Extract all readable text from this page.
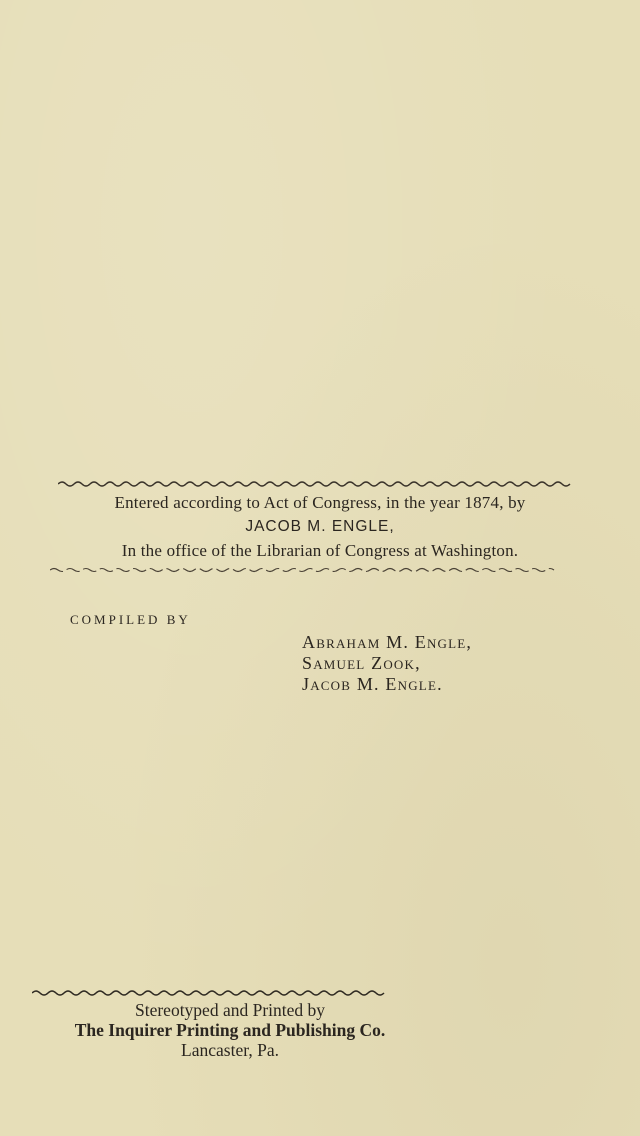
Entered according to Act of Congress, in the year 1874, by
JACOB M. ENGLE,
In the office of the Librarian of Congress at Washington.
COMPILED BY
Abraham M. Engle,
Samuel Zook,
Jacob M. Engle.
Stereotyped and Printed by
The Inquirer Printing and Publishing Co.
Lancaster, Pa.
